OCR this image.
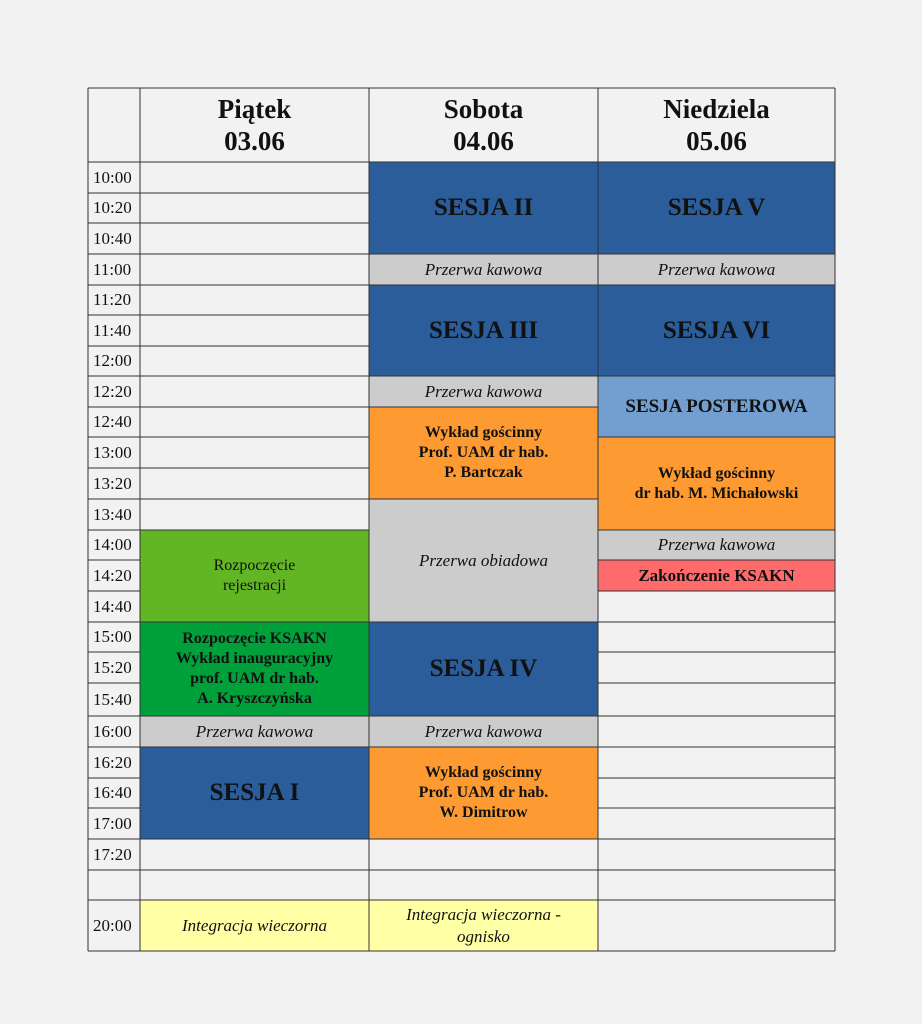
Piątek
03.06
Sobota
04.06
Niedziela
05.06
10:00
10:20
10:40
11:00
11:20
11:40
12:00
12:20
12:40
13:00
13:20
13:40
14:00
14:20
14:40
15:00
15:20
15:40
16:00
16:20
16:40
17:00
17:20
20:00
Rozpoczęcie
rejestracji
Rozpoczęcie KSAKN
Wykład inauguracyjny
prof. UAM dr hab.
A. Kryszczyńska
Przerwa kawowa
SESJA I
Integracja wieczorna
SESJA II
Przerwa kawowa
SESJA III
Przerwa kawowa
Wykład gościnny
Prof. UAM dr hab.
P. Bartczak
Przerwa obiadowa
SESJA IV
Przerwa kawowa
Wykład gościnny
Prof. UAM dr hab.
W. Dimitrow
Integracja wieczorna -
ognisko
SESJA V
Przerwa kawowa
SESJA VI
SESJA POSTEROWA
Wykład gościnny
dr hab. M. Michałowski
Przerwa kawowa
Zakończenie KSAKN
